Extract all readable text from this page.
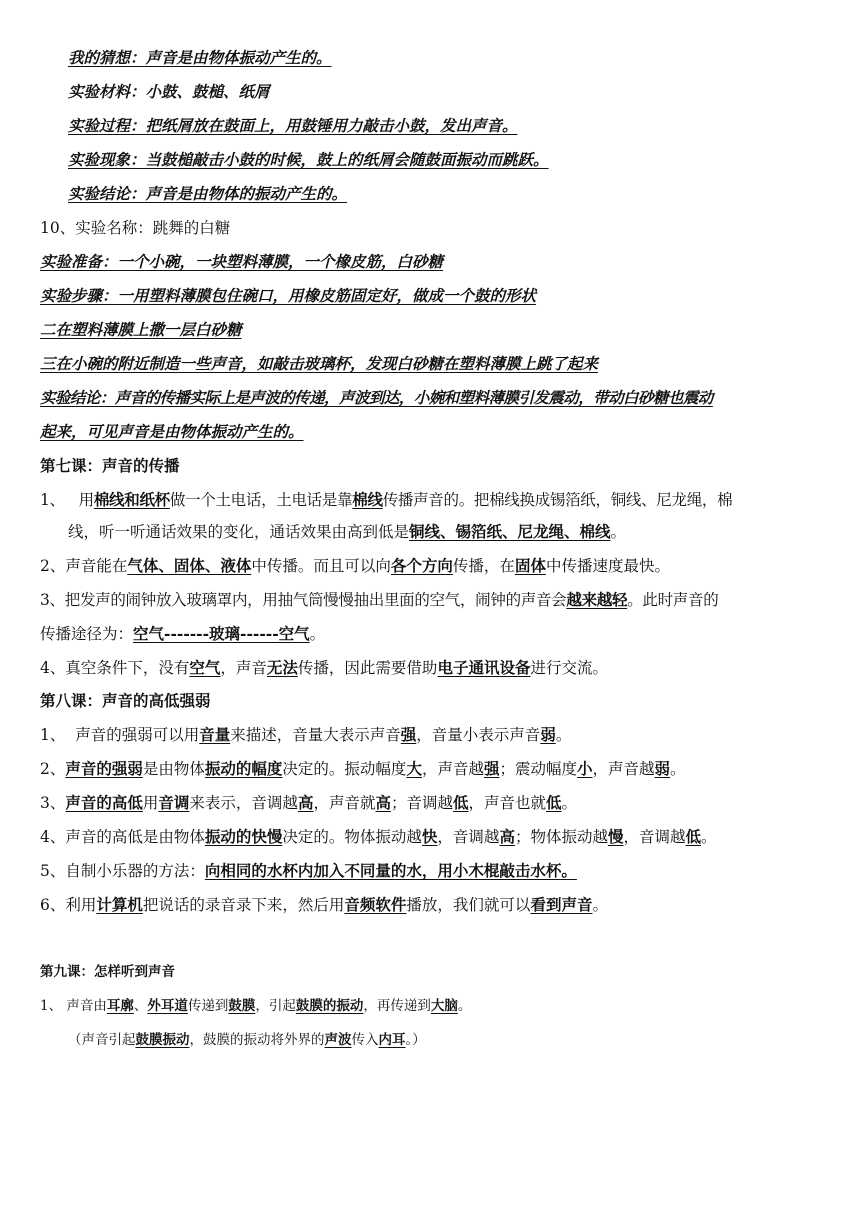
我的猜想：声音是由物体振动产生的。
实验材料：小鼓、鼓槌、纸屑
实验过程：把纸屑放在鼓面上，用鼓锤用力敲击小鼓，发出声音。
实验现象：当鼓槌敲击小鼓的时候，鼓上的纸屑会随鼓面振动而跳跃。
实验结论：声音是由物体的振动产生的。
10、实验名称：跳舞的白糖
实验准备：一个小碗，一块塑料薄膜，一个橡皮筋，白砂糖
实验步骤：一用塑料薄膜包住碗口，用橡皮筋固定好，做成一个鼓的形状
二在塑料薄膜上撒一层白砂糖
三在小碗的附近制造一些声音，如敲击玻璃杯，发现白砂糖在塑料薄膜上跳了起来
实验结论：声音的传播实际上是声波的传递，声波到达，小婉和塑料薄膜引发震动，带动白砂糖也震动
起来，可见声音是由物体振动产生的。
第七课：声音的传播
1、 用棉线和纸杯做一个土电话，土电话是靠棉线传播声音的。把棉线换成锡箔纸，铜线、尼龙绳，棉
线，听一听通话效果的变化，通话效果由高到低是铜线、锡箔纸、尼龙绳、棉线。
2、声音能在气体、固体、液体中传播。而且可以向各个方向传播，在固体中传播速度最快。
3、把发声的闹钟放入玻璃罩内，用抽气筒慢慢抽出里面的空气，闹钟的声音会越来越轻。此时声音的
传播途径为：空气-------玻璃------空气。
4、真空条件下，没有空气，声音无法传播，因此需要借助电子通讯设备进行交流。
第八课：声音的高低强弱
1、 声音的强弱可以用音量来描述，音量大表示声音强，音量小表示声音弱。
2、声音的强弱是由物体振动的幅度决定的。振动幅度大，声音越强；震动幅度小，声音越弱。
3、声音的高低用音调来表示，音调越高，声音就高；音调越低，声音也就低。
4、声音的高低是由物体振动的快慢决定的。物体振动越快，音调越高；物体振动越慢，音调越低。
5、自制小乐器的方法：向相同的水杯内加入不同量的水，用小木棍敲击水杯。
6、利用计算机把说话的录音录下来，然后用音频软件播放，我们就可以看到声音。
第九课：怎样听到声音
1、 声音由耳廓、外耳道传递到鼓膜，引起鼓膜的振动，再传递到大脑。
（声音引起鼓膜振动，鼓膜的振动将外界的声波传入内耳。）
